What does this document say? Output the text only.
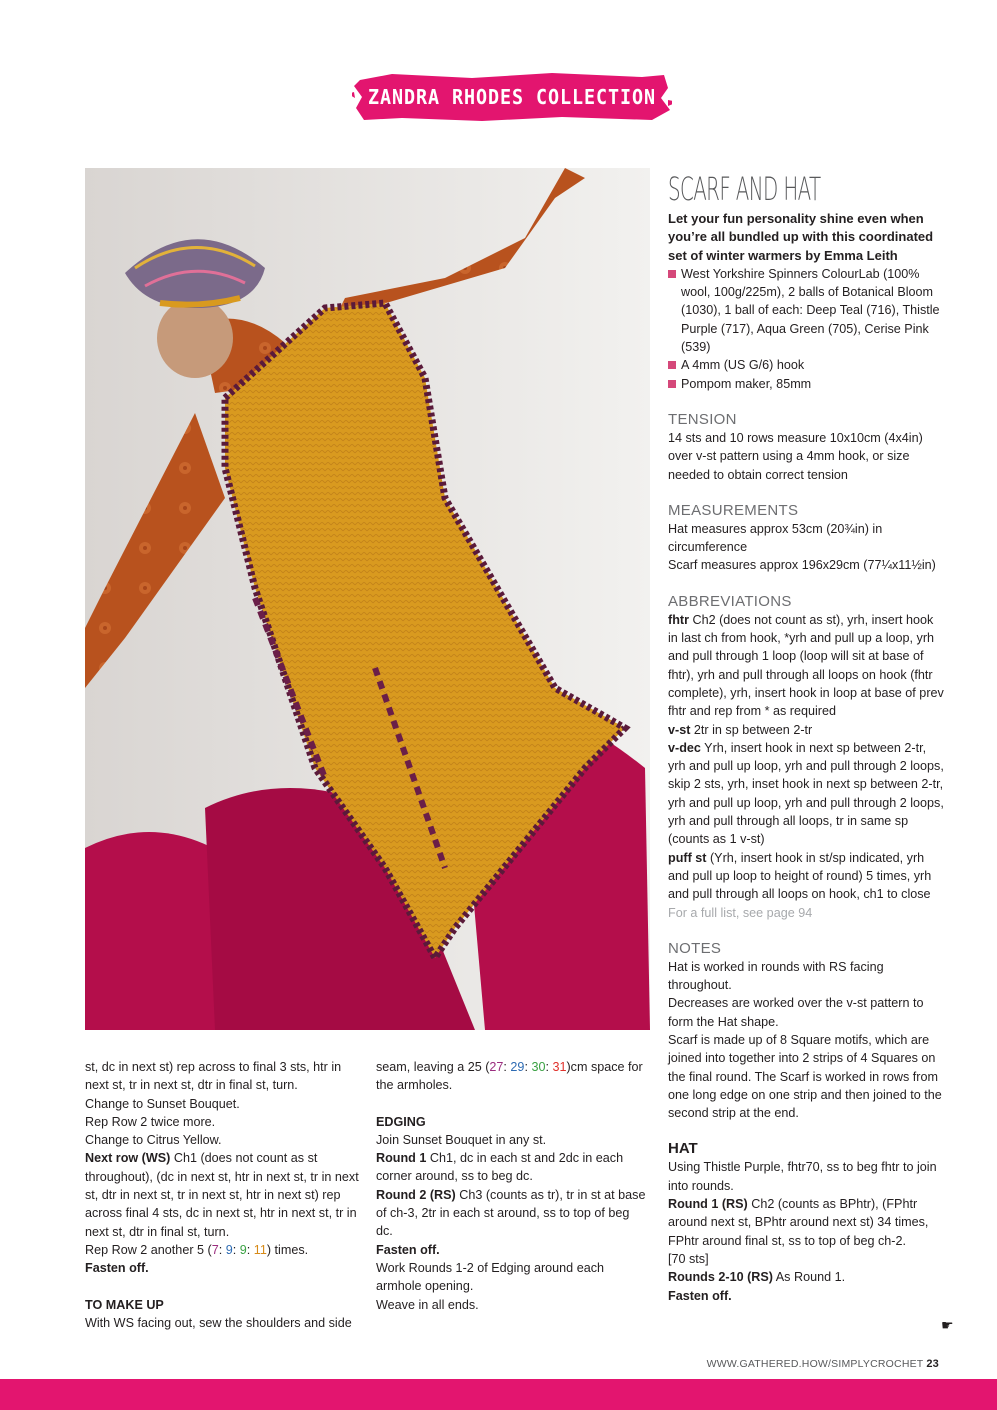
ZANDRA RHODES COLLECTION
SCARF AND HAT
Let your fun personality shine even when you’re all bundled up with this coordinated set of winter warmers by Emma Leith
West Yorkshire Spinners ColourLab (100% wool, 100g/225m), 2 balls of Botanical Bloom (1030), 1 ball of each: Deep Teal (716), Thistle Purple (717), Aqua Green (705), Cerise Pink (539)
A 4mm (US G/6) hook
Pompom maker, 85mm
TENSION
14 sts and 10 rows measure 10x10cm (4x4in) over v-st pattern using a 4mm hook, or size needed to obtain correct tension
MEASUREMENTS
Hat measures approx 53cm (20¾in) in circumference
Scarf measures approx 196x29cm (77¼x11½in)
ABBREVIATIONS
fhtr Ch2 (does not count as st), yrh, insert hook in last ch from hook, *yrh and pull up a loop, yrh and pull through 1 loop (loop will sit at base of fhtr), yrh and pull through all loops on hook (fhtr complete), yrh, insert hook in loop at base of prev fhtr and rep from * as required
v-st 2tr in sp between 2-tr
v-dec Yrh, insert hook in next sp between 2-tr, yrh and pull up loop, yrh and pull through 2 loops, skip 2 sts, yrh, inset hook in next sp between 2-tr, yrh and pull up loop, yrh and pull through 2 loops, yrh and pull through all loops, tr in same sp (counts as 1 v-st)
puff st (Yrh, insert hook in st/sp indicated, yrh and pull up loop to height of round) 5 times, yrh and pull through all loops on hook, ch1 to close
For a full list, see page 94
NOTES
Hat is worked in rounds with RS facing throughout.
Decreases are worked over the v-st pattern to form the Hat shape.
Scarf is made up of 8 Square motifs, which are joined into together into 2 strips of 4 Squares on the final round. The Scarf is worked in rows from one long edge on one strip and then joined to the second strip at the end.
HAT
Using Thistle Purple, fhtr70, ss to beg fhtr to join into rounds.
Round 1 (RS) Ch2 (counts as BPhtr), (FPhtr around next st, BPhtr around next st) 34 times, FPhtr around final st, ss to top of beg ch-2.
[70 sts]
Rounds 2-10 (RS) As Round 1.
Fasten off.
st, dc in next st) rep across to final 3 sts, htr in next st, tr in next st, dtr in final st, turn.
Change to Sunset Bouquet.
Rep Row 2 twice more.
Change to Citrus Yellow.
Next row (WS) Ch1 (does not count as st throughout), (dc in next st, htr in next st, tr in next st, dtr in next st, tr in next st, htr in next st) rep across final 4 sts, dc in next st, htr in next st, tr in next st, dtr in final st, turn.
Rep Row 2 another 5 (7: 9: 9: 11) times.
Fasten off.
TO MAKE UP
With WS facing out, sew the shoulders and side
seam, leaving a 25 (27: 29: 30: 31)cm space for the armholes.
EDGING
Join Sunset Bouquet in any st.
Round 1 Ch1, dc in each st and 2dc in each corner around, ss to beg dc.
Round 2 (RS) Ch3 (counts as tr), tr in st at base of ch-3, 2tr in each st around, ss to top of beg dc.
Fasten off.
Work Rounds 1-2 of Edging around each armhole opening.
Weave in all ends.
☛
WWW.GATHERED.HOW/SIMPLYCROCHET 23
